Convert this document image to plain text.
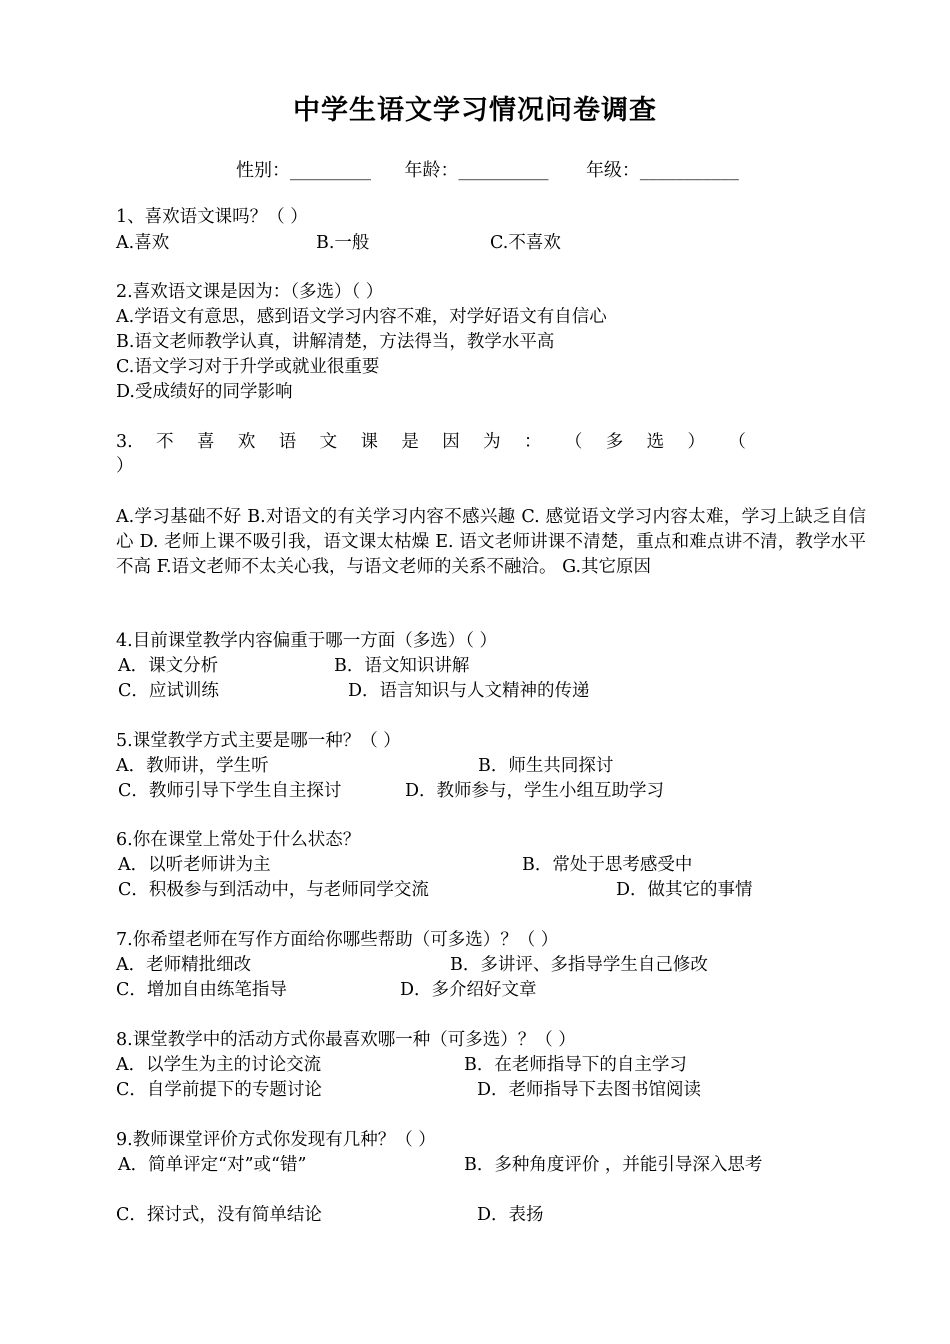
中学生语文学习情况问卷调查
性别：_________ 年龄：__________ 年级：___________
1、喜欢语文课吗？（ ）
A.喜欢	B.一般	C.不喜欢
2.喜欢语文课是因为：（多选）（ ）
A.学语文有意思，感到语文学习内容不难，对学好语文有自信心
B.语文老师教学认真，讲解清楚，方法得当，教学水平高
C.语文学习对于升学或就业很重要
D.受成绩好的同学影响
3. 不 喜 欢 语 文 课 是 因 为 ： （ 多 选 ） （
）
A.学习基础不好 B.对语文的有关学习内容不感兴趣 C. 感觉语文学习内容太难，学习上缺乏自信心 D. 老师上课不吸引我，语文课太枯燥 E. 语文老师讲课不清楚，重点和难点讲不清，教学水平不高 F.语文老师不太关心我，与语文老师的关系不融洽。 G.其它原因
4.目前课堂教学内容偏重于哪一方面（多选）（ ）
A．课文分析	B．语文知识讲解
C．应试训练	D．语言知识与人文精神的传递
5.课堂教学方式主要是哪一种？（ ）
A．教师讲，学生听	B．师生共同探讨
C．教师引导下学生自主探讨	D．教师参与，学生小组互助学习
6.你在课堂上常处于什么状态？
A．以听老师讲为主	B．常处于思考感受中
C．积极参与到活动中，与老师同学交流	D．做其它的事情
7.你希望老师在写作方面给你哪些帮助（可多选）？（ ）
A．老师精批细改	B．多讲评、多指导学生自己修改
C．增加自由练笔指导	D．多介绍好文章
8.课堂教学中的活动方式你最喜欢哪一种（可多选）？（ ）
A．以学生为主的讨论交流	B．在老师指导下的自主学习
C．自学前提下的专题讨论	D．老师指导下去图书馆阅读
9.教师课堂评价方式你发现有几种？（ ）
A．简单评定“对”或“错”	B．多种角度评价 ，并能引导深入思考
C．探讨式，没有简单结论	D．表扬
